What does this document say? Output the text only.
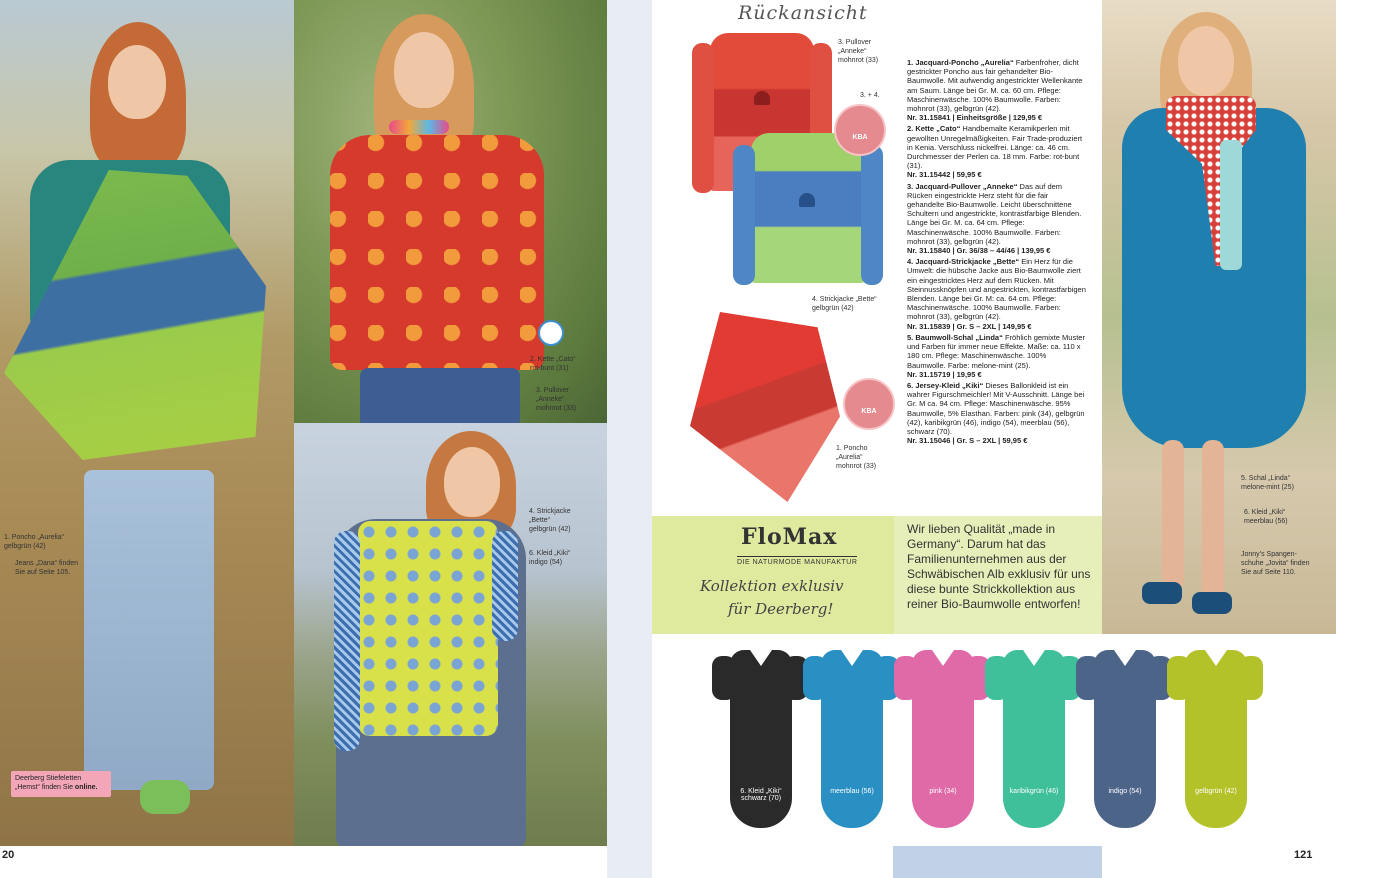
1. Poncho „Aurelia“
gelbgrün (42)
Jeans „Dana“ finden
Sie auf Seite 105.
2. Kette „Cato“
rot-bunt (31)
3. Pullover
„Anneke“
mohnrot (33)
4. Strickjacke
„Bette“
gelbgrün (42)
6. Kleid „Kiki“
indigo (54)
Deerberg Stiefeletten
„Hemst“ finden Sie online.
20
Rückansicht
3. Pullover
„Anneke“
mohnrot (33)
3. + 4.
KBA
4. Strickjacke „Bette“
gelbgrün (42)
KBA
1. Poncho
„Aurelia“
mohnrot (33)

1. Jacquard-Poncho „Aurelia“ Farbenfroher, dicht gestrickter Poncho aus fair gehandelter Bio-Baumwolle. Mit aufwendig angestrickter Wellenkante am Saum. Länge bei Gr. M. ca. 60 cm. Pflege: Maschinenwäsche. 100% Baumwolle. Farben: mohnrot (33), gelbgrün (42).
Nr. 31.15841 | Einheitsgröße | 129,95 €

2. Kette „Cato“ Handbemalte Keramikperlen mit gewollten Unregelmäßigkeiten. Fair Trade-produziert in Kenia. Verschluss nickelfrei. Länge: ca. 46 cm. Durchmesser der Perlen ca. 18 mm. Farbe: rot-bunt (31).
Nr. 31.15442 | 59,95 €

3. Jacquard-Pullover „Anneke“ Das auf dem Rücken eingestrickte Herz steht für die fair gehandelte Bio-Baumwolle. Leicht überschnittene Schultern und angestrickte, kontrastfarbige Blenden. Länge bei Gr. M. ca. 64 cm. Pflege: Maschinenwäsche. 100% Baumwolle. Farben: mohnrot (33), gelbgrün (42).
Nr. 31.15840 | Gr. 36/38 – 44/46 | 139,95 €

4. Jacquard-Strickjacke „Bette“ Ein Herz für die Umwelt: die hübsche Jacke aus Bio-Baumwolle ziert ein eingestricktes Herz auf dem Rücken. Mit Steinnussknöpfen und angestrickten, kontrastfarbigen Blenden. Länge bei Gr. M: ca. 64 cm. Pflege: Maschinenwäsche. 100% Baumwolle. Farben: mohnrot (33), gelbgrün (42).
Nr. 31.15839 | Gr. S – 2XL | 149,95 €

5. Baumwoll-Schal „Linda“ Fröhlich gemixte Muster und Farben für immer neue Effekte. Maße: ca. 110 x 180 cm. Pflege: Maschinenwäsche. 100% Baumwolle. Farbe: melone-mint (25).
Nr. 31.15719 | 19,95 €

6. Jersey-Kleid „Kiki“ Dieses Ballonkleid ist ein wahrer Figurschmeichler! Mit V-Ausschnitt. Länge bei Gr. M ca. 94 cm. Pflege: Maschinenwäsche. 95% Baumwolle, 5% Elasthan. Farben: pink (34), gelbgrün (42), karibikgrün (46), indigo (54), meerblau (56), schwarz (70).
Nr. 31.15046 | Gr. S – 2XL | 59,95 €

5. Schal „Linda“
melone-mint (25)
6. Kleid „Kiki“
meerblau (56)
Jonny’s Spangen-
schuhe „Jovita“ finden
Sie auf Seite 110.
FloMax
DIE NATURMODE MANUFAKTUR
Kollektion exklusiv
für Deerberg!
Wir lieben Qualität „made in Germany“. Darum hat das Familienunternehmen aus der Schwäbischen Alb exklusiv für uns diese bunte Strickkollektion aus reiner Bio-Baumwolle entworfen!
6. Kleid „Kiki“
schwarz (70)
meerblau (56)	pink (34)	karibikgrün (46)	indigo (54)	gelbgrün (42)
121
